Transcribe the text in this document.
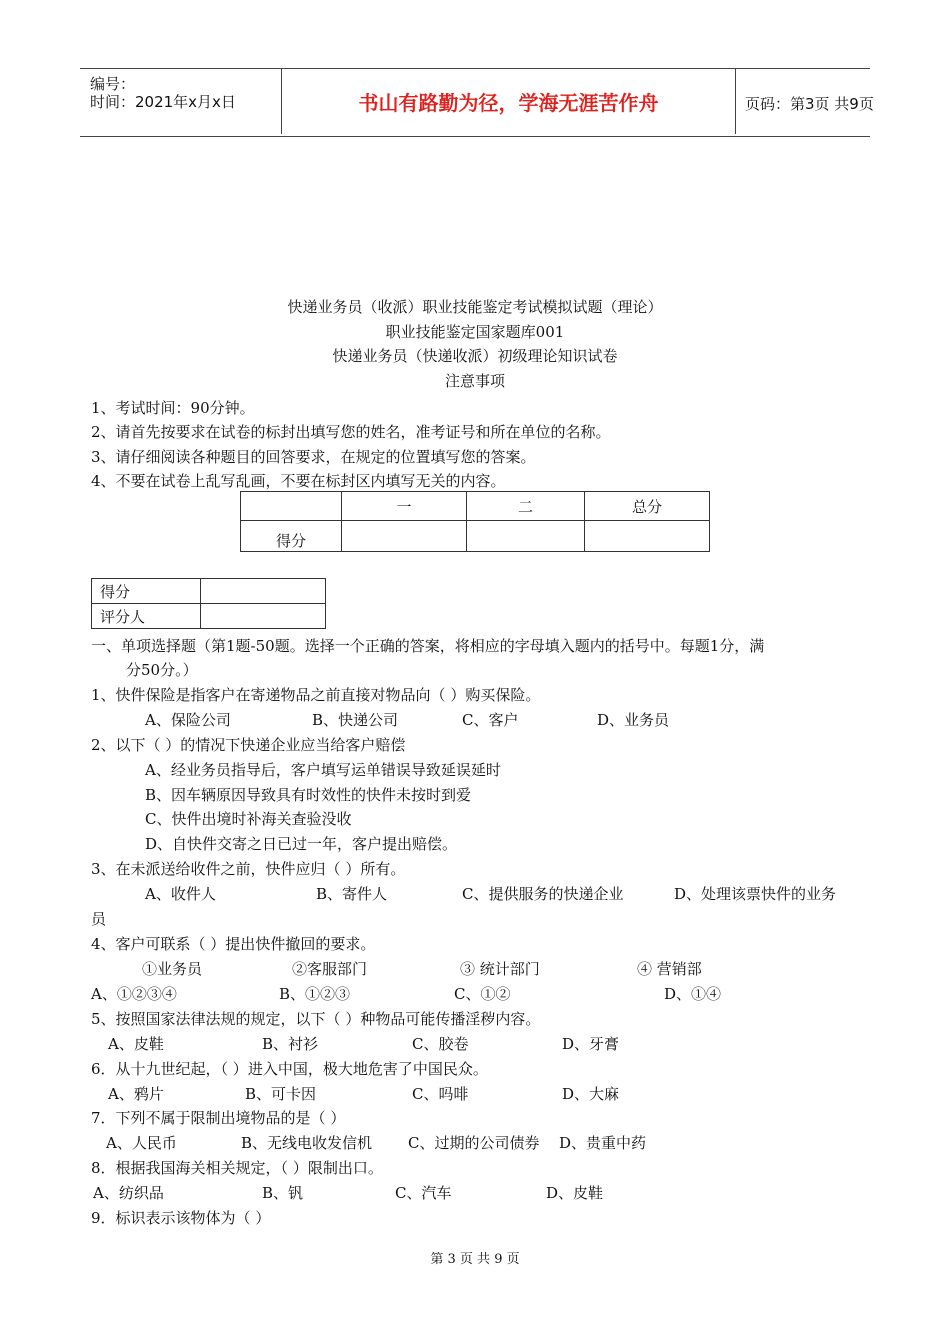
编号：
时间：2021年x月x日	书山有路勤为径，学海无涯苦作舟	页码：第3页 共9页
快递业务员（收派）职业技能鉴定考试模拟试题（理论）
职业技能鉴定国家题库001
快递业务员（快递收派）初级理论知识试卷
注意事项
1、考试时间：90分钟。
2、请首先按要求在试卷的标封出填写您的姓名，准考证号和所在单位的名称。
3、请仔细阅读各种题目的回答要求，在规定的位置填写您的答案。
4、不要在试卷上乱写乱画，不要在标封区内填写无关的内容。
	一	二	总分
得分			
得分	
评分人	
一、单项选择题（第1题-50题。选择一个正确的答案，将相应的字母填入题内的括号中。每题1分，满
分50分。）
1、快件保险是指客户在寄递物品之前直接对物品向（ ）购买保险。
A、保险公司	B、快递公司	C、客户	D、业务员
2、以下（ ）的情况下快递企业应当给客户赔偿
A、经业务员指导后，客户填写运单错误导致延误延时
B、因车辆原因导致具有时效性的快件未按时到爱
C、快件出境时补海关查验没收
D、自快件交寄之日已过一年，客户提出赔偿。
3、在未派送给收件之前，快件应归（ ）所有。
A、收件人	B、寄件人	C、提供服务的快递企业	D、处理该票快件的业务
员
4、客户可联系（ ）提出快件撤回的要求。
①业务员	②客服部门	③ 统计部门	④ 营销部
A、①②③④	B、①②③	C、①②	D、①④
5、按照国家法律法规的规定，以下（ ）种物品可能传播淫秽内容。
A、皮鞋	B、衬衫	C、胶卷	D、牙膏
6．从十九世纪起，（ ）进入中国，极大地危害了中国民众。
A、鸦片	B、可卡因	C、吗啡	D、大麻
7．下列不属于限制出境物品的是（ ）
A、人民币	B、无线电收发信机 C、过期的公司债券 D、贵重中药
8．根据我国海关相关规定，（ ）限制出口。
A、纺织品	B、钒	C、汽车	D、皮鞋
9．标识表示该物体为（ ）
第 3 页 共 9 页
